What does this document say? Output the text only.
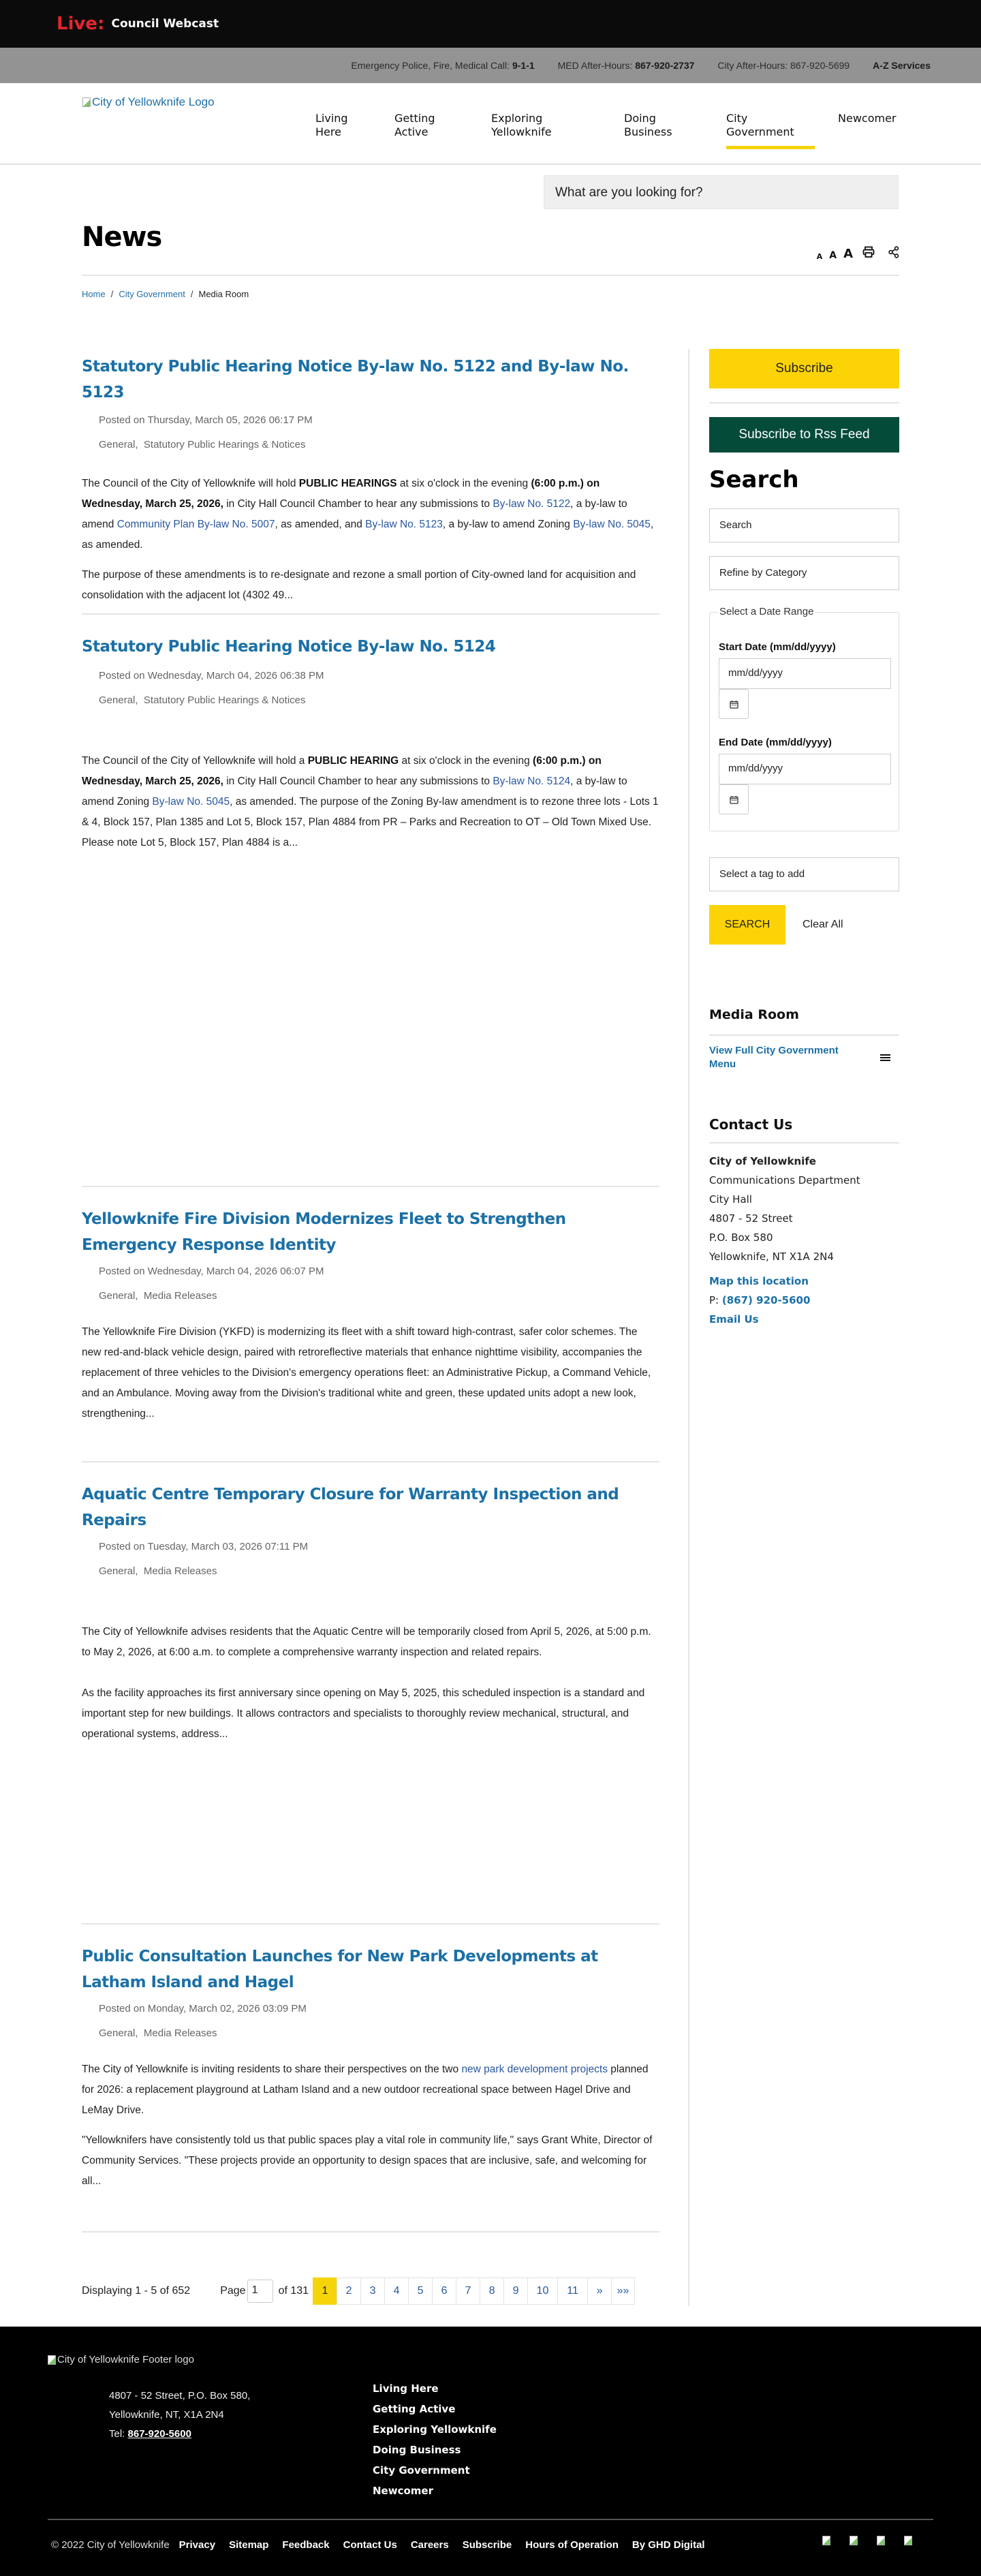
Live: Council Webcast
Emergency Police, Fire, Medical Call: 9-1-1 MED After-Hours: 867-920-2737 City After-Hours: 867-920-5699 A-Z Services
City of Yellowknife Logo
Living
Here
Getting
Active
Exploring
Yellowknife
Doing
Business
City
Government
Newcomer
What are you looking for?
News
A A A
Home / City Government / Media Room
Statutory Public Hearing Notice By-law No. 5122 and By-law No. 5123
Posted on Thursday, March 05, 2026 06:17 PM
General, Statutory Public Hearings & Notices

The Council of the City of Yellowknife will hold PUBLIC HEARINGS at six o'clock in the evening (6:00 p.m.) on Wednesday, March 25, 2026, in City Hall Council Chamber to hear any submissions to By-law No. 5122, a by-law to amend Community Plan By-law No. 5007, as amended, and By-law No. 5123, a by-law to amend Zoning By-law No. 5045, as amended.

The purpose of these amendments is to re-designate and rezone a small portion of City-owned land for acquisition and consolidation with the adjacent lot (4302 49...

Statutory Public Hearing Notice By-law No. 5124
Posted on Wednesday, March 04, 2026 06:38 PM
General, Statutory Public Hearings & Notices

The Council of the City of Yellowknife will hold a PUBLIC HEARING at six o'clock in the evening (6:00 p.m.) on Wednesday, March 25, 2026, in City Hall Council Chamber to hear any submissions to By-law No. 5124, a by-law to amend Zoning By-law No. 5045, as amended. The purpose of the Zoning By-law amendment is to rezone three lots - Lots 1 & 4, Block 157, Plan 1385 and Lot 5, Block 157, Plan 4884 from PR – Parks and Recreation to OT – Old Town Mixed Use. Please note Lot 5, Block 157, Plan 4884 is a...

Yellowknife Fire Division Modernizes Fleet to Strengthen Emergency Response Identity
Posted on Wednesday, March 04, 2026 06:07 PM
General, Media Releases

The Yellowknife Fire Division (YKFD) is modernizing its fleet with a shift toward high-contrast, safer color schemes. The new red-and-black vehicle design, paired with retroreflective materials that enhance nighttime visibility, accompanies the replacement of three vehicles to the Division's emergency operations fleet: an Administrative Pickup, a Command Vehicle, and an Ambulance. Moving away from the Division's traditional white and green, these updated units adopt a new look, strengthening...

Aquatic Centre Temporary Closure for Warranty Inspection and Repairs
Posted on Tuesday, March 03, 2026 07:11 PM
General, Media Releases

The City of Yellowknife advises residents that the Aquatic Centre will be temporarily closed from April 5, 2026, at 5:00 p.m. to May 2, 2026, at 6:00 a.m. to complete a comprehensive warranty inspection and related repairs.

As the facility approaches its first anniversary since opening on May 5, 2025, this scheduled inspection is a standard and important step for new buildings. It allows contractors and specialists to thoroughly review mechanical, structural, and operational systems, address...

Public Consultation Launches for New Park Developments at Latham Island and Hagel
Posted on Monday, March 02, 2026 03:09 PM
General, Media Releases

The City of Yellowknife is inviting residents to share their perspectives on the two new park development projects planned for 2026: a replacement playground at Latham Island and a new outdoor recreational space between Hagel Drive and LeMay Drive.

"Yellowknifers have consistently told us that public spaces play a vital role in community life," says Grant White, Director of Community Services. "These projects provide an opportunity to design spaces that are inclusive, safe, and welcoming for all...

Displaying 1 - 5 of 652	Page 1	of 131	1	2	3	4	5	6	7	8	9	10	11	»	»»
Subscribe
Subscribe to Rss Feed
Search
Search
Refine by Category
Select a Date Range
Start Date (mm/dd/yyyy)
mm/dd/yyyy
End Date (mm/dd/yyyy)
mm/dd/yyyy
Select a tag to add
SEARCH	Clear All
Media Room
View Full City Government Menu
Contact Us
City of Yellowknife
Communications Department
City Hall
4807 - 52 Street
P.O. Box 580
Yellowknife, NT X1A 2N4
Map this location
P: (867) 920-5600
Email Us
City of Yellowknife Footer logo
4807 - 52 Street, P.O. Box 580,
Yellowknife, NT, X1A 2N4
Tel: 867-920-5600
Living Here
Getting Active
Exploring Yellowknife
Doing Business
City Government
Newcomer
© 2022 City of Yellowknife Privacy Sitemap Feedback Contact Us Careers Subscribe Hours of Operation By GHD Digital
